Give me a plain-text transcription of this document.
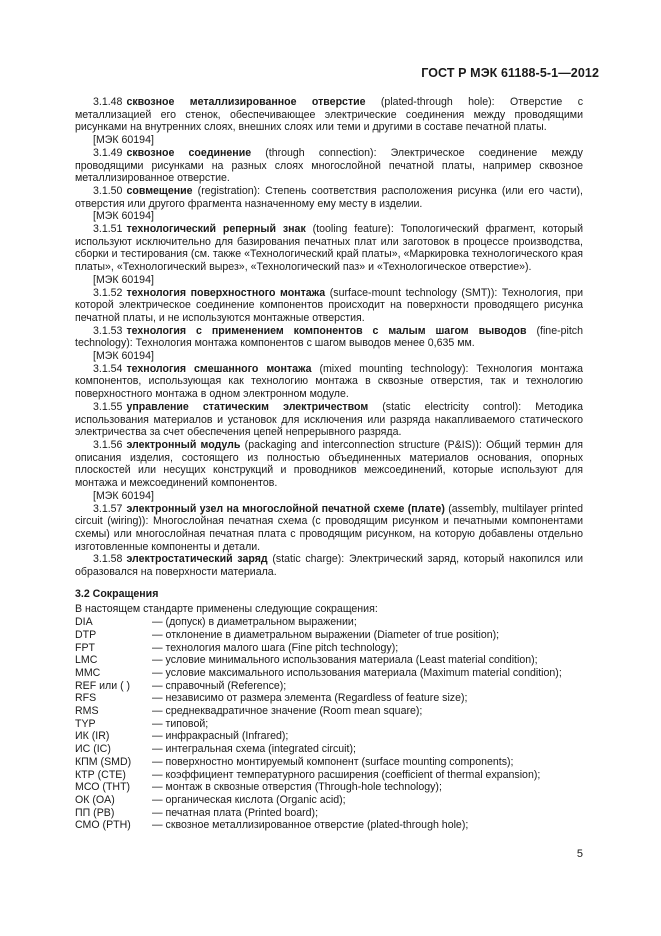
ГОСТ Р МЭК 61188-5-1—2012

3.1.48 сквозное металлизированное отверстие (plated-through hole): Отверстие с металлизацией его стенок, обеспечивающее электрические соединения между проводящими рисунками на внутренних слоях, внешних слоях или теми и другими в составе печатной платы.

[МЭК 60194]

3.1.49 сквозное соединение (through connection): Электрическое соединение между проводящими рисунками на разных слоях многослойной печатной платы, например сквозное металлизированное отверстие.

3.1.50 совмещение (registration): Степень соответствия расположения рисунка (или его части), отверстия или другого фрагмента назначенному ему месту в изделии.

[МЭК 60194]

3.1.51 технологический реперный знак (tooling feature): Топологический фрагмент, который используют исключительно для базирования печатных плат или заготовок в процессе производства, сборки и тестирования (см. также «Технологический край платы», «Маркировка технологического края платы», «Технологический вырез», «Технологический паз» и «Технологическое отверстие»).

[МЭК 60194]

3.1.52 технология поверхностного монтажа (surface-mount technology (SMT)): Технология, при которой электрическое соединение компонентов происходит на поверхности проводящего рисунка печатной платы, и не используются монтажные отверстия.

3.1.53 технология с применением компонентов с малым шагом выводов (fine-pitch technology): Технология монтажа компонентов с шагом выводов менее 0,635 мм.

[МЭК 60194]

3.1.54 технология смешанного монтажа (mixed mounting technology): Технология монтажа компонентов, использующая как технологию монтажа в сквозные отверстия, так и технологию поверхностного монтажа в одном электронном модуле.

3.1.55 управление статическим электричеством (static electricity control): Методика использования материалов и установок для исключения или разряда накапливаемого статического электричества за счет обеспечения цепей непрерывного разряда.

3.1.56 электронный модуль (packaging and interconnection structure (P&IS)): Общий термин для описания изделия, состоящего из полностью объединенных материалов основания, опорных плоскостей или несущих конструкций и проводников межсоединений, которые используют для монтажа и межсоединений компонентов.

[МЭК 60194]

3.1.57 электронный узел на многослойной печатной схеме (плате) (assembly, multilayer printed circuit (wiring)): Многослойная печатная схема (с проводящим рисунком и печатными компонентами схемы) или многослойная печатная плата с проводящим рисунком, на которую добавлены отдельно изготовленные компоненты и детали.

3.1.58 электростатический заряд (static charge): Электрический заряд, который накопился или образовался на поверхности материала.

3.2 Сокращения

В настоящем стандарте применены следующие сокращения:

DIA	— (допуск) в диаметральном выражении;
DTP	— отклонение в диаметральном выражении (Diameter of true position);
FPT	— технология малого шага (Fine pitch technology);
LMC	— условие минимального использования материала (Least material condition);
MMC	— условие максимального использования материала (Maximum material condition);
REF или ( )	— справочный (Reference);
RFS	— независимо от размера элемента (Regardless of feature size);
RMS	— среднеквадратичное значение (Room mean square);
TYP	— типовой;
ИК (IR)	— инфракрасный (Infrared);
ИС (IC)	— интегральная схема (integrated circuit);
КПМ (SMD)	— поверхностно монтируемый компонент (surface mounting components);
КТР (CTE)	— коэффициент температурного расширения (coefficient of thermal expansion);
МСО (THT)	— монтаж в сквозные отверстия (Through-hole technology);
ОК (OA)	— органическая кислота (Organic acid);
ПП (PB)	— печатная плата (Printed board);
СМО (PTH)	— сквозное металлизированное отверстие (plated-through hole);
5
